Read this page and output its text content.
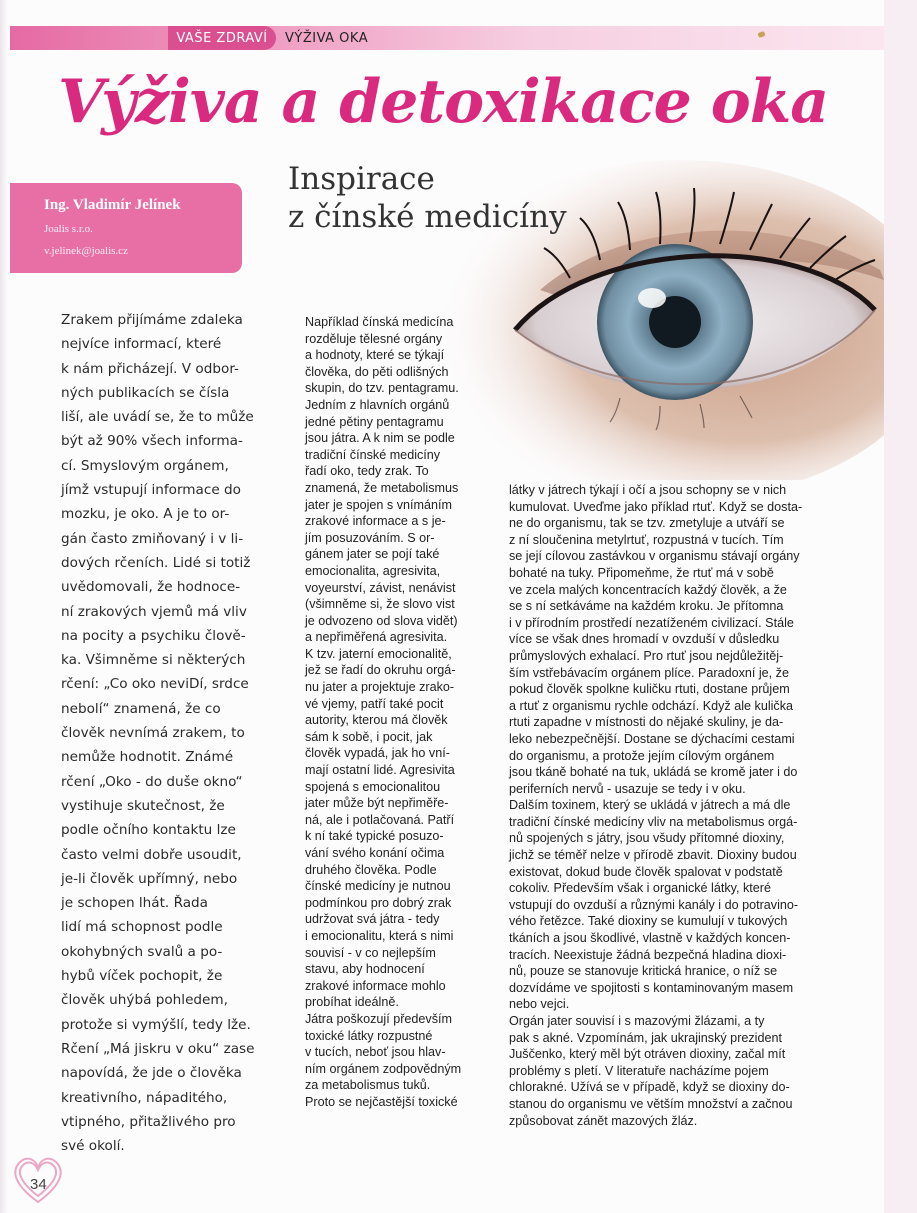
VAŠE ZDRAVÍ	VÝŽIVA OKA
Výživa a detoxikace oka
Inspirace
z čínské medicíny
Ing. Vladimír Jelínek
Joalis s.r.o.
v.jelinek@joalis.cz
Zrakem přijímáme zdaleka
nejvíce informací, které
k nám přicházejí. V odbor-
ných publikacích se čísla
liší, ale uvádí se, že to může
být až 90% všech informa-
cí. Smyslovým orgánem,
jímž vstupují informace do
mozku, je oko. A je to or-
gán často zmiňovaný i v li-
dových rčeních. Lidé si totiž
uvědomovali, že hodnoce-
ní zrakových vjemů má vliv
na pocity a psychiku člově-
ka. Všimněme si některých
rčení: „Co oko neviDí, srdce
nebolí“ znamená, že co
člověk nevnímá zrakem, to
nemůže hodnotit. Známé
rčení „Oko - do duše okno“
vystihuje skutečnost, že
podle očního kontaktu lze
často velmi dobře usoudit,
je-li člověk upřímný, nebo
je schopen lhát. Řada
lidí má schopnost podle
okohybných svalů a po-
hybů víček pochopit, že
člověk uhýbá pohledem,
protože si vymýšlí, tedy lže.
Rčení „Má jiskru v oku“ zase
napovídá, že jde o člověka
kreativního, nápaditého,
vtipného, přitažlivého pro
své okolí.
Například čínská medicína
rozděluje tělesné orgány
a hodnoty, které se týkají
člověka, do pěti odlišných
skupin, do tzv. pentagramu.
Jedním z hlavních orgánů
jedné pětiny pentagramu
jsou játra. A k nim se podle
tradiční čínské medicíny
řadí oko, tedy zrak. To
znamená, že metabolismus
jater je spojen s vnímáním
zrakové informace a s je-
jím posuzováním. S or-
gánem jater se pojí také
emocionalita, agresivita,
voyeurství, závist, nenávist
(všimněme si, že slovo vist
je odvozeno od slova vidět)
a nepřiměřená agresivita.
K tzv. jaterní emocionalitě,
jež se řadí do okruhu orgá-
nu jater a projektuje zrako-
vé vjemy, patří také pocit
autority, kterou má člověk
sám k sobě, i pocit, jak
člověk vypadá, jak ho vní-
mají ostatní lidé. Agresivita
spojená s emocionalitou
jater může být nepřiměře-
ná, ale i potlačovaná. Patří
k ní také typické posuzo-
vání svého konání očima
druhého člověka. Podle
čínské medicíny je nutnou
podmínkou pro dobrý zrak
udržovat svá játra - tedy
i emocionalitu, která s nimi
souvisí - v co nejlepším
stavu, aby hodnocení
zrakové informace mohlo
probíhat ideálně.
Játra poškozují především
toxické látky rozpustné
v tucích, neboť jsou hlav-
ním orgánem zodpovědným
za metabolismus tuků.
Proto se nejčastější toxické
látky v játrech týkají i očí a jsou schopny se v nich
kumulovat. Uveďme jako příklad rtuť. Když se dosta-
ne do organismu, tak se tzv. zmetyluje a utváří se
z ní sloučenina metylrtuť, rozpustná v tucích. Tím
se její cílovou zastávkou v organismu stávají orgány
bohaté na tuky. Připomeňme, že rtuť má v sobě
ve zcela malých koncentracích každý člověk, a že
se s ní setkáváme na každém kroku. Je přítomna
i v přírodním prostředí nezatíženém civilizací. Stále
více se však dnes hromadí v ovzduší v důsledku
průmyslových exhalací. Pro rtuť jsou nejdůležitěj-
ším vstřebávacím orgánem plíce. Paradoxní je, že
pokud člověk spolkne kuličku rtuti, dostane průjem
a rtuť z organismu rychle odchází. Když ale kulička
rtuti zapadne v místnosti do nějaké skuliny, je da-
leko nebezpečnější. Dostane se dýchacími cestami
do organismu, a protože jejím cílovým orgánem
jsou tkáně bohaté na tuk, ukládá se kromě jater i do
periferních nervů - usazuje se tedy i v oku.
Dalším toxinem, který se ukládá v játrech a má dle
tradiční čínské medicíny vliv na metabolismus orgá-
nů spojených s játry, jsou všudy přítomné dioxiny,
jichž se téměř nelze v přírodě zbavit. Dioxiny budou
existovat, dokud bude člověk spalovat v podstatě
cokoliv. Především však i organické látky, které
vstupují do ovzduší a různými kanály i do potravino-
vého řetězce. Také dioxiny se kumulují v tukových
tkáních a jsou škodlivé, vlastně v každých koncen-
tracích. Neexistuje žádná bezpečná hladina dioxi-
nů, pouze se stanovuje kritická hranice, o níž se
dozvídáme ve spojitosti s kontaminovaným masem
nebo vejci.
Orgán jater souvisí i s mazovými žlázami, a ty
pak s akné. Vzpomínám, jak ukrajinský prezident
Juščenko, který měl být otráven dioxiny, začal mít
problémy s pletí. V literatuře nacházíme pojem
chlorakné. Užívá se v případě, když se dioxiny do-
stanou do organismu ve větším množství a začnou
způsobovat zánět mazových žláz.
34
